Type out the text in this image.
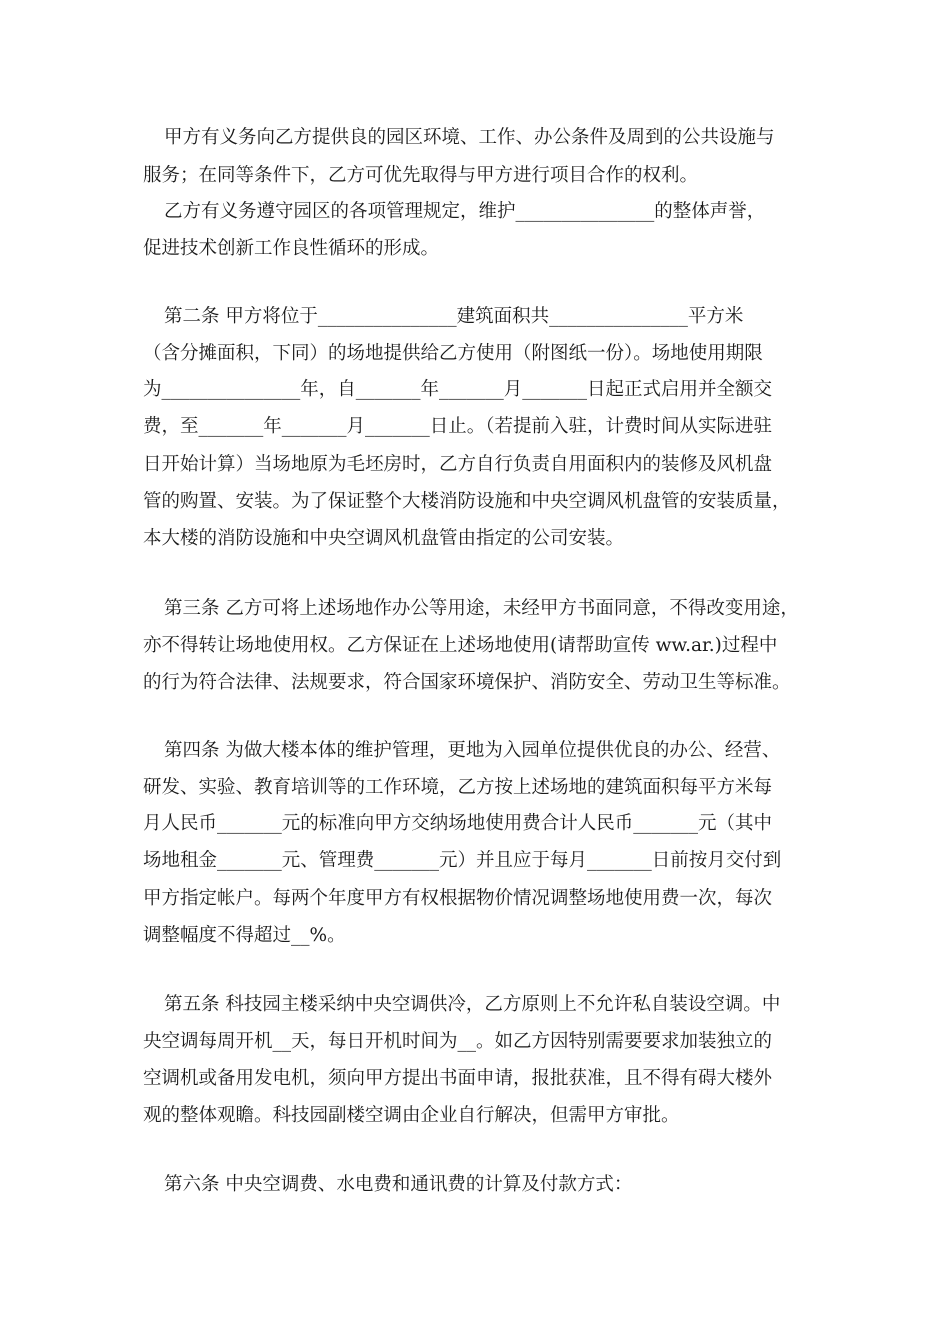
甲方有义务向乙方提供良的园区环境、工作、办公条件及周到的公共设施与
服务；在同等条件下，乙方可优先取得与甲方进行项目合作的权利。
乙方有义务遵守园区的各项管理规定，维护_______________的整体声誉，
促进技术创新工作良性循环的形成。
第二条 甲方将位于_______________建筑面积共_______________平方米
（含分摊面积，下同）的场地提供给乙方使用（附图纸一份）。场地使用期限
为_______________年，自_______年_______月_______日起正式启用并全额交
费，至_______年_______月_______日止。（若提前入驻，计费时间从实际进驻
日开始计算）当场地原为毛坯房时，乙方自行负责自用面积内的装修及风机盘
管的购置、安装。为了保证整个大楼消防设施和中央空调风机盘管的安装质量，
本大楼的消防设施和中央空调风机盘管由指定的公司安装。
第三条 乙方可将上述场地作办公等用途，未经甲方书面同意，不得改变用途，
亦不得转让场地使用权。乙方保证在上述场地使用(请帮助宣传 ww.ar.)过程中
的行为符合法律、法规要求，符合国家环境保护、消防安全、劳动卫生等标准。
第四条 为做大楼本体的维护管理，更地为入园单位提供优良的办公、经营、
研发、实验、教育培训等的工作环境，乙方按上述场地的建筑面积每平方米每
月人民币_______元的标准向甲方交纳场地使用费合计人民币_______元（其中
场地租金_______元、管理费_______元）并且应于每月_______日前按月交付到
甲方指定帐户。每两个年度甲方有权根据物价情况调整场地使用费一次，每次
调整幅度不得超过__%。
第五条 科技园主楼采纳中央空调供冷，乙方原则上不允许私自装设空调。中
央空调每周开机__天，每日开机时间为__。如乙方因特别需要要求加装独立的
空调机或备用发电机，须向甲方提出书面申请，报批获准，且不得有碍大楼外
观的整体观瞻。科技园副楼空调由企业自行解决，但需甲方审批。
第六条 中央空调费、水电费和通讯费的计算及付款方式：
